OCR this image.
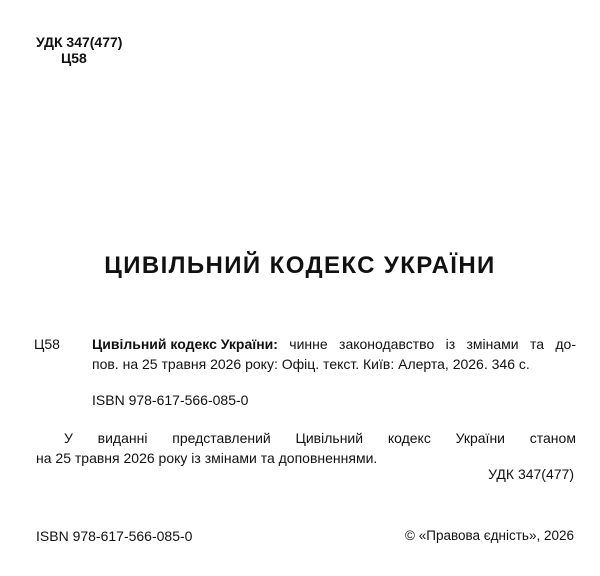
УДК 347(477)
Ц58
ЦИВІЛЬНИЙ КОДЕКС УКРАЇНИ
Ц58 Цивільний кодекс України: чинне законодавство із змінами та до-
пов. на 25 травня 2026 року: Офіц. текст. Київ: Алерта, 2026. 346 с.
ISBN 978-617-566-085-0
У виданні представлений Цивільний кодекс України станом
на 25 травня 2026 року із змінами та доповненнями.
УДК 347(477)
ISBN 978-617-566-085-0	© «Правова єдність», 2026
